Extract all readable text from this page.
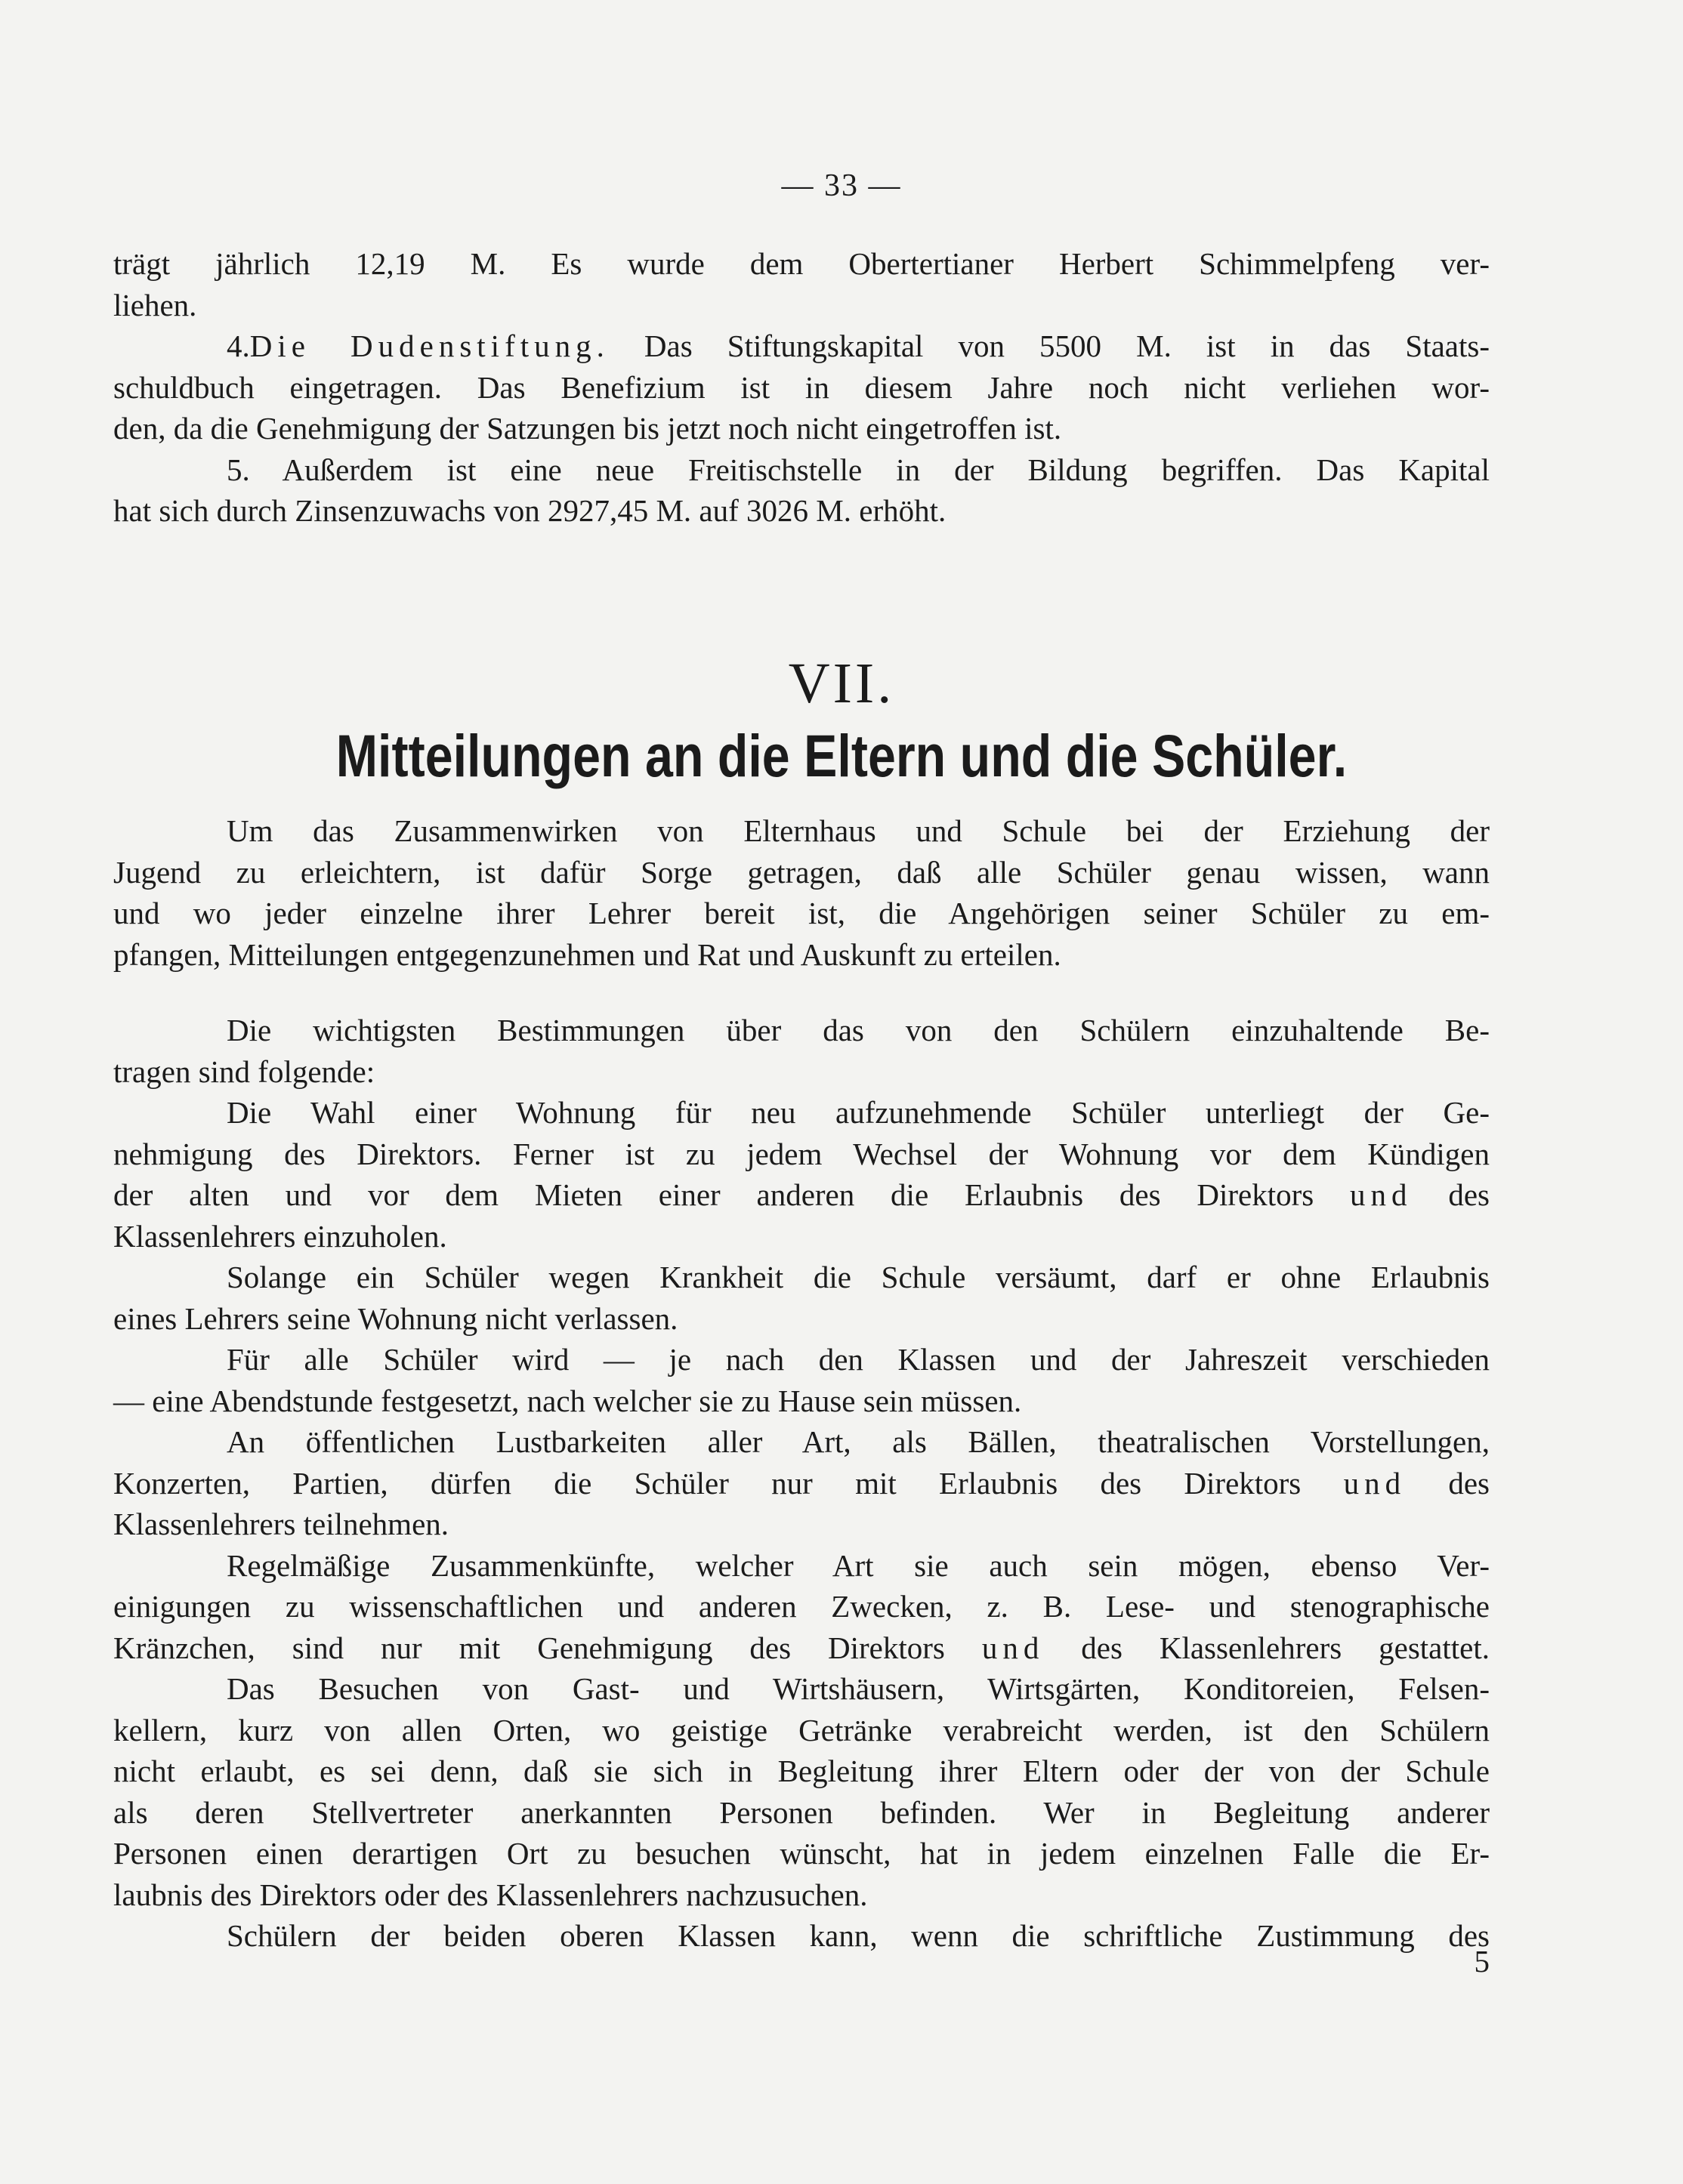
— 33 —
trägt jährlich 12,19 M. Es wurde dem Obertertianer Herbert Schimmelpfeng ver-
liehen.
4.Die Dudenstiftung. Das Stiftungskapital von 5500 M. ist in das Staats-
schuldbuch eingetragen. Das Benefizium ist in diesem Jahre noch nicht verliehen wor-
den, da die Genehmigung der Satzungen bis jetzt noch nicht eingetroffen ist.
5. Außerdem ist eine neue Freitischstelle in der Bildung begriffen. Das Kapital
hat sich durch Zinsenzuwachs von 2927,45 M. auf 3026 M. erhöht.
VII.
Mitteilungen an die Eltern und die Schüler.
Um das Zusammenwirken von Elternhaus und Schule bei der Erziehung der
Jugend zu erleichtern, ist dafür Sorge getragen, daß alle Schüler genau wissen, wann
und wo jeder einzelne ihrer Lehrer bereit ist, die Angehörigen seiner Schüler zu em-
pfangen, Mitteilungen entgegenzunehmen und Rat und Auskunft zu erteilen.
Die wichtigsten Bestimmungen über das von den Schülern einzuhaltende Be-
tragen sind folgende:
Die Wahl einer Wohnung für neu aufzunehmende Schüler unterliegt der Ge-
nehmigung des Direktors. Ferner ist zu jedem Wechsel der Wohnung vor dem Kündigen
der alten und vor dem Mieten einer anderen die Erlaubnis des Direktors und des
Klassenlehrers einzuholen.
Solange ein Schüler wegen Krankheit die Schule versäumt, darf er ohne Erlaubnis
eines Lehrers seine Wohnung nicht verlassen.
Für alle Schüler wird — je nach den Klassen und der Jahreszeit verschieden
— eine Abendstunde festgesetzt, nach welcher sie zu Hause sein müssen.
An öffentlichen Lustbarkeiten aller Art, als Bällen, theatralischen Vorstellungen,
Konzerten, Partien, dürfen die Schüler nur mit Erlaubnis des Direktors und des
Klassenlehrers teilnehmen.
Regelmäßige Zusammenkünfte, welcher Art sie auch sein mögen, ebenso Ver-
einigungen zu wissenschaftlichen und anderen Zwecken, z. B. Lese- und stenographische
Kränzchen, sind nur mit Genehmigung des Direktors und des Klassenlehrers gestattet.
Das Besuchen von Gast- und Wirtshäusern, Wirtsgärten, Konditoreien, Felsen-
kellern, kurz von allen Orten, wo geistige Getränke verabreicht werden, ist den Schülern
nicht erlaubt, es sei denn, daß sie sich in Begleitung ihrer Eltern oder der von der Schule
als deren Stellvertreter anerkannten Personen befinden. Wer in Begleitung anderer
Personen einen derartigen Ort zu besuchen wünscht, hat in jedem einzelnen Falle die Er-
laubnis des Direktors oder des Klassenlehrers nachzusuchen.
Schülern der beiden oberen Klassen kann, wenn die schriftliche Zustimmung des
5
